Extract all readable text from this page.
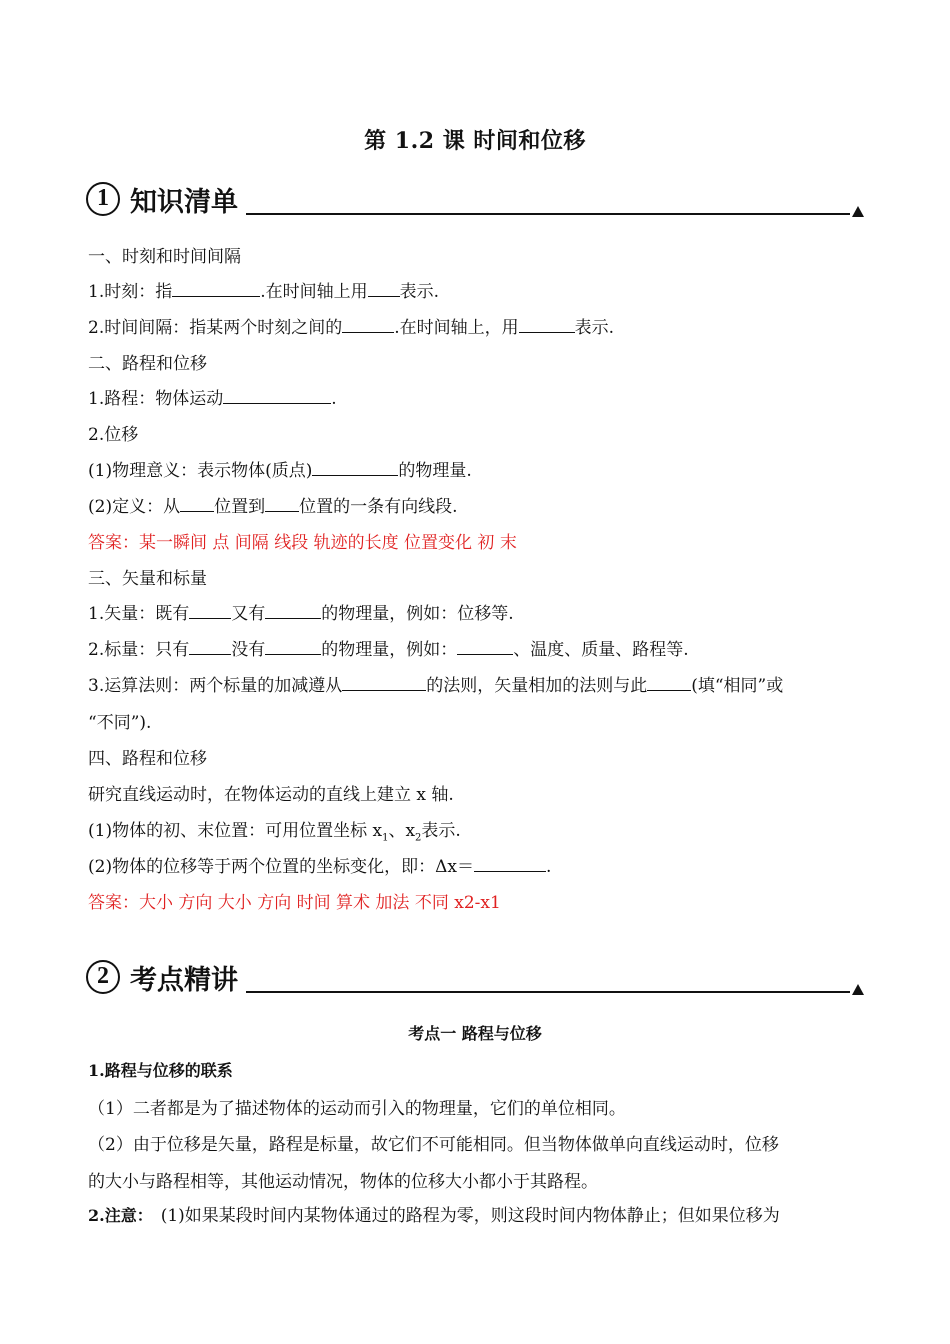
第 1.2 课 时间和位移
1 知识清单
一、时刻和时间间隔
1.时刻：指	.在时间轴上用 表示.
2.时间间隔：指某两个时刻之间的	.在时间轴上，用	表示.
二、路程和位移
1.路程：物体运动	.
2.位移
(1)物理意义：表示物体(质点)	的物理量.
(2)定义：从 位置到 位置的一条有向线段.
答案：某一瞬间 点 间隔 线段 轨迹的长度 位置变化 初 末
三、矢量和标量
1.矢量：既有 又有	的物理量，例如：位移等.
2.标量：只有 没有	的物理量，例如：	、温度、质量、路程等.
3.运算法则：两个标量的加减遵从	的法则，矢量相加的法则与此	(填“相同”或
“不同”).
四、路程和位移
研究直线运动时，在物体运动的直线上建立 x 轴.
(1)物体的初、末位置：可用位置坐标 $x_1$、$x_2$表示.
(2)物体的位移等于两个位置的坐标变化，即：Δx＝	.
答案：大小 方向 大小 方向 时间 算术 加法 不同 x2-x1
2 考点精讲
考点一 路程与位移
1.路程与位移的联系
（1）二者都是为了描述物体的运动而引入的物理量，它们的单位相同。
（2）由于位移是矢量，路程是标量，故它们不可能相同。但当物体做单向直线运动时，位移
的大小与路程相等，其他运动情况，物体的位移大小都小于其路程。
2.注意： (1)如果某段时间内某物体通过的路程为零，则这段时间内物体静止；但如果位移为
